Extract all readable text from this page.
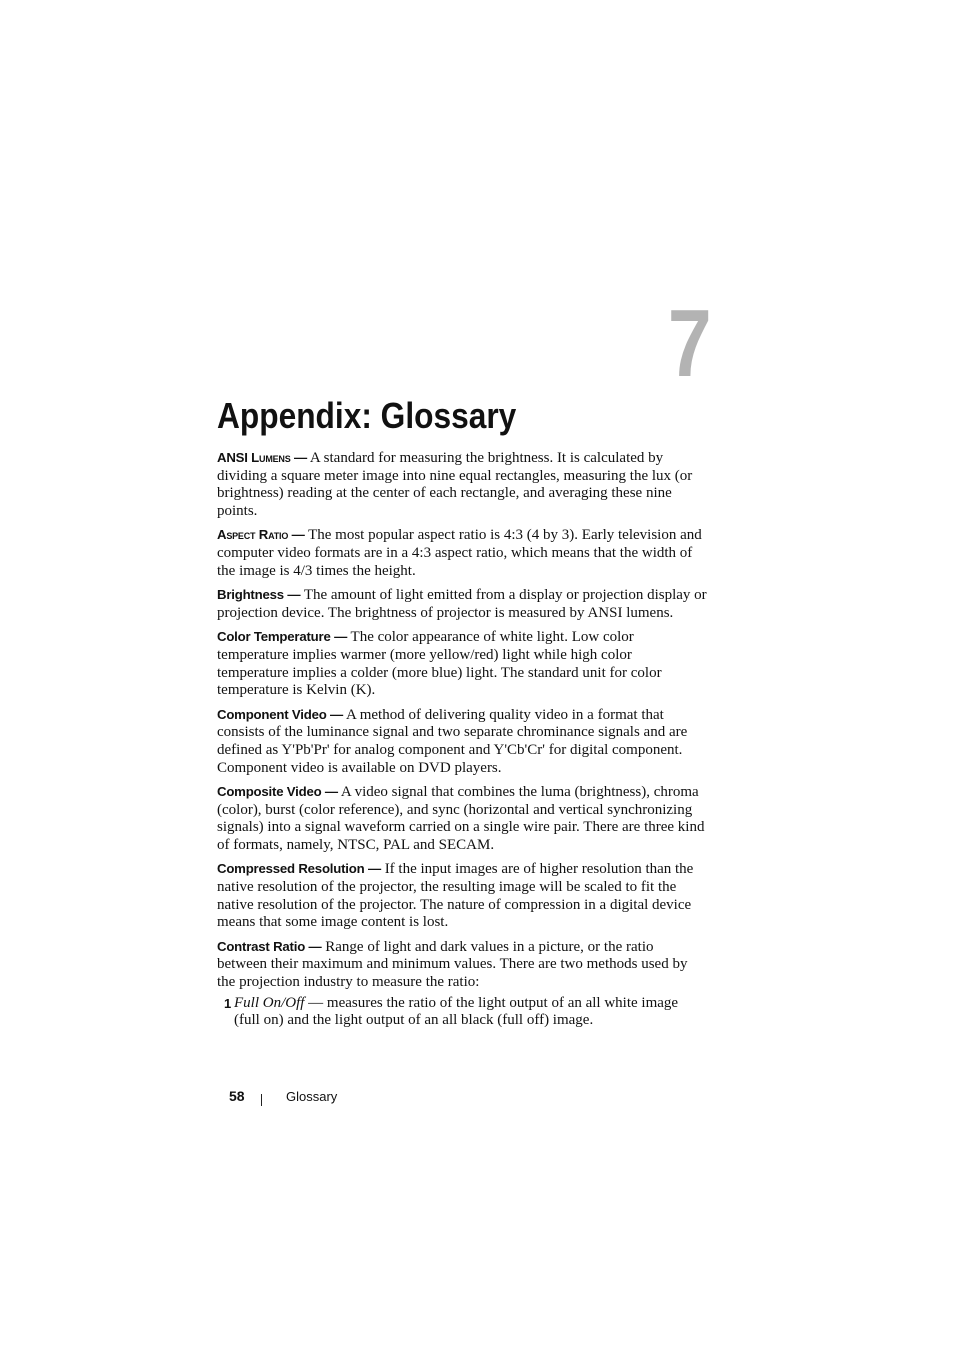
7
Appendix: Glossary

ANSI Lumens — A standard for measuring the brightness. It is calculated by dividing a square meter image into nine equal rectangles, measuring the lux (or brightness) reading at the center of each rectangle, and averaging these nine points.

Aspect Ratio — The most popular aspect ratio is 4:3 (4 by 3). Early television and computer video formats are in a 4:3 aspect ratio, which means that the width of the image is 4/3 times the height.

Brightness — The amount of light emitted from a display or projection display or projection device. The brightness of projector is measured by ANSI lumens.

Color Temperature — The color appearance of white light. Low color temperature implies warmer (more yellow/red) light while high color temperature implies a colder (more blue) light. The standard unit for color temperature is Kelvin (K).

Component Video — A method of delivering quality video in a format that consists of the luminance signal and two separate chrominance signals and are defined as Y'Pb'Pr' for analog component and Y'Cb'Cr' for digital component. Component video is available on DVD players.

Composite Video — A video signal that combines the luma (brightness), chroma (color), burst (color reference), and sync (horizontal and vertical synchronizing signals) into a signal waveform carried on a single wire pair. There are three kind of formats, namely, NTSC, PAL and SECAM.

Compressed Resolution — If the input images are of higher resolution than the native resolution of the projector, the resulting image will be scaled to fit the native resolution of the projector. The nature of compression in a digital device means that some image content is lost.

Contrast Ratio — Range of light and dark values in a picture, or the ratio between their maximum and minimum values. There are two methods used by the projection industry to measure the ratio:

1 Full On/Off — measures the ratio of the light output of an all white image (full on) and the light output of an all black (full off) image.
58	Glossary
